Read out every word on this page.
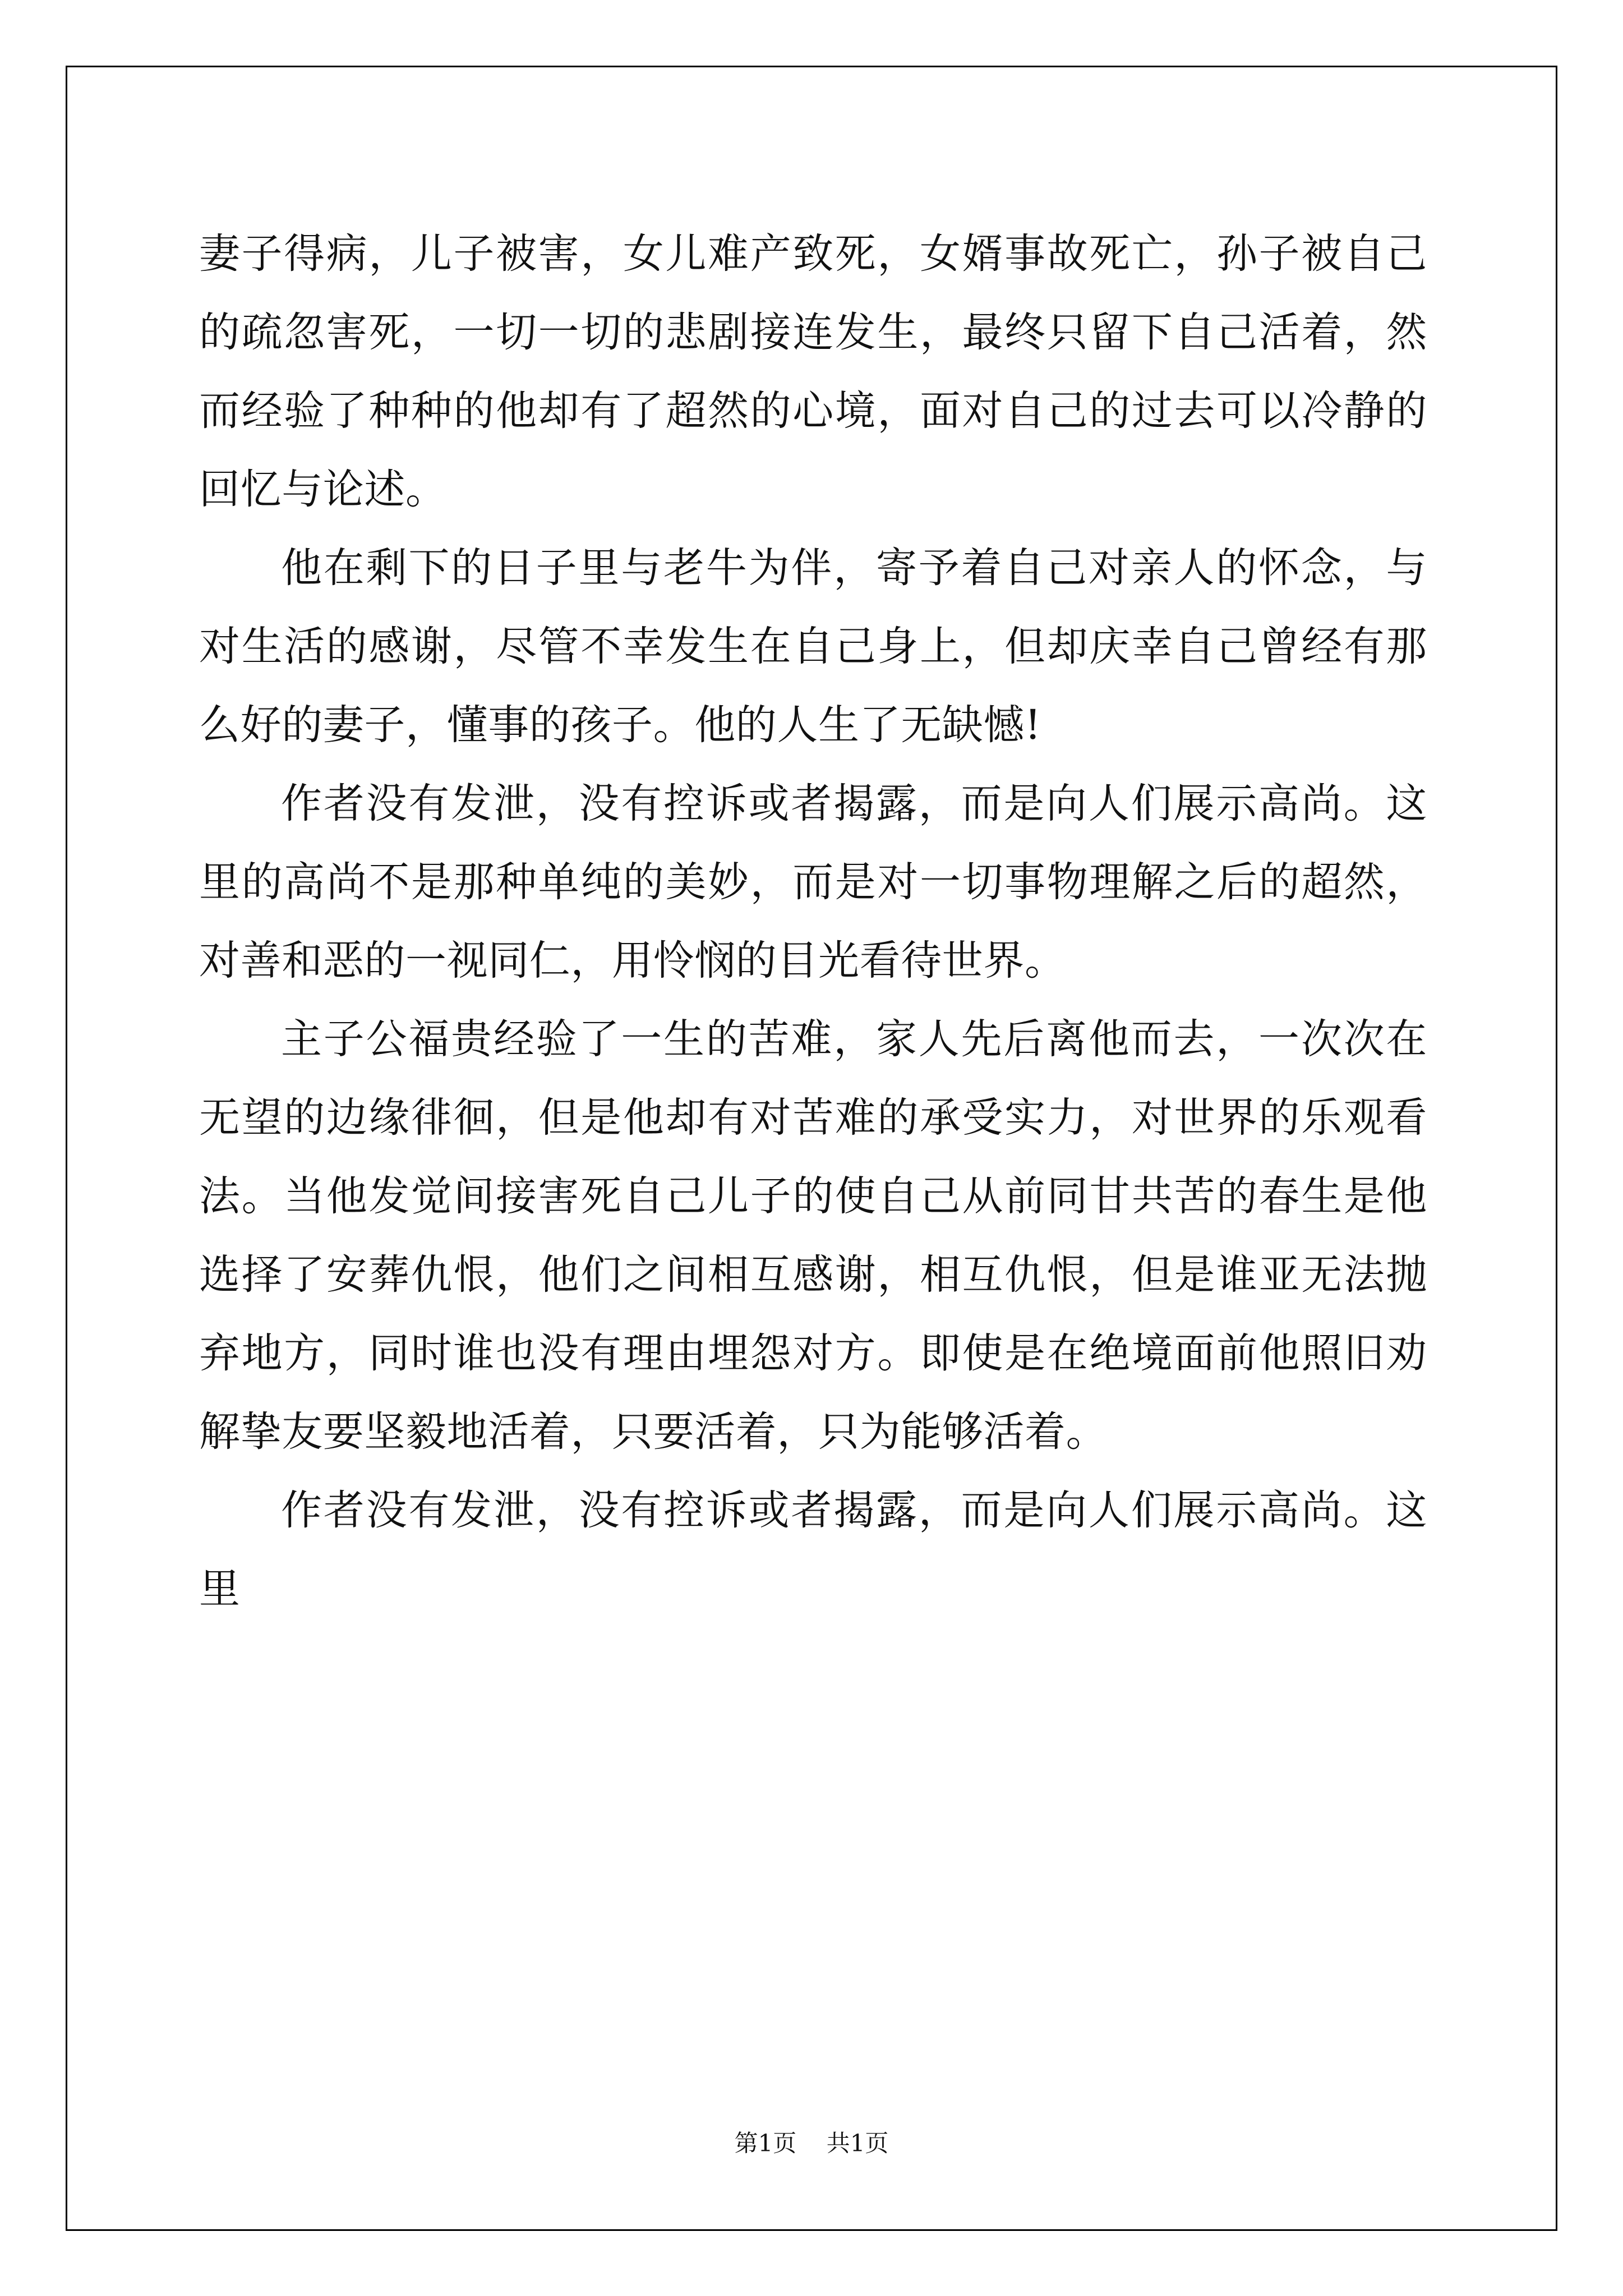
妻子得病，儿子被害，女儿难产致死，女婿事故死亡，孙子被自己的疏忽害死，一切一切的悲剧接连发生，最终只留下自己活着，然而经验了种种的他却有了超然的心境，面对自己的过去可以冷静的回忆与论述。

他在剩下的日子里与老牛为伴，寄予着自己对亲人的怀念，与对生活的感谢，尽管不幸发生在自己身上，但却庆幸自己曾经有那么好的妻子，懂事的孩子。他的人生了无缺憾!

作者没有发泄，没有控诉或者揭露，而是向人们展示高尚。这里的高尚不是那种单纯的美妙，而是对一切事物理解之后的超然，对善和恶的一视同仁，用怜悯的目光看待世界。

主子公福贵经验了一生的苦难，家人先后离他而去，一次次在无望的边缘徘徊，但是他却有对苦难的承受实力，对世界的乐观看法。当他发觉间接害死自己儿子的使自己从前同甘共苦的春生是他选择了安葬仇恨，他们之间相互感谢，相互仇恨，但是谁亚无法抛弃地方，同时谁也没有理由埋怨对方。即使是在绝境面前他照旧劝解挚友要坚毅地活着，只要活着，只为能够活着。

作者没有发泄，没有控诉或者揭露，而是向人们展示高尚。这里

第1页 共1页
